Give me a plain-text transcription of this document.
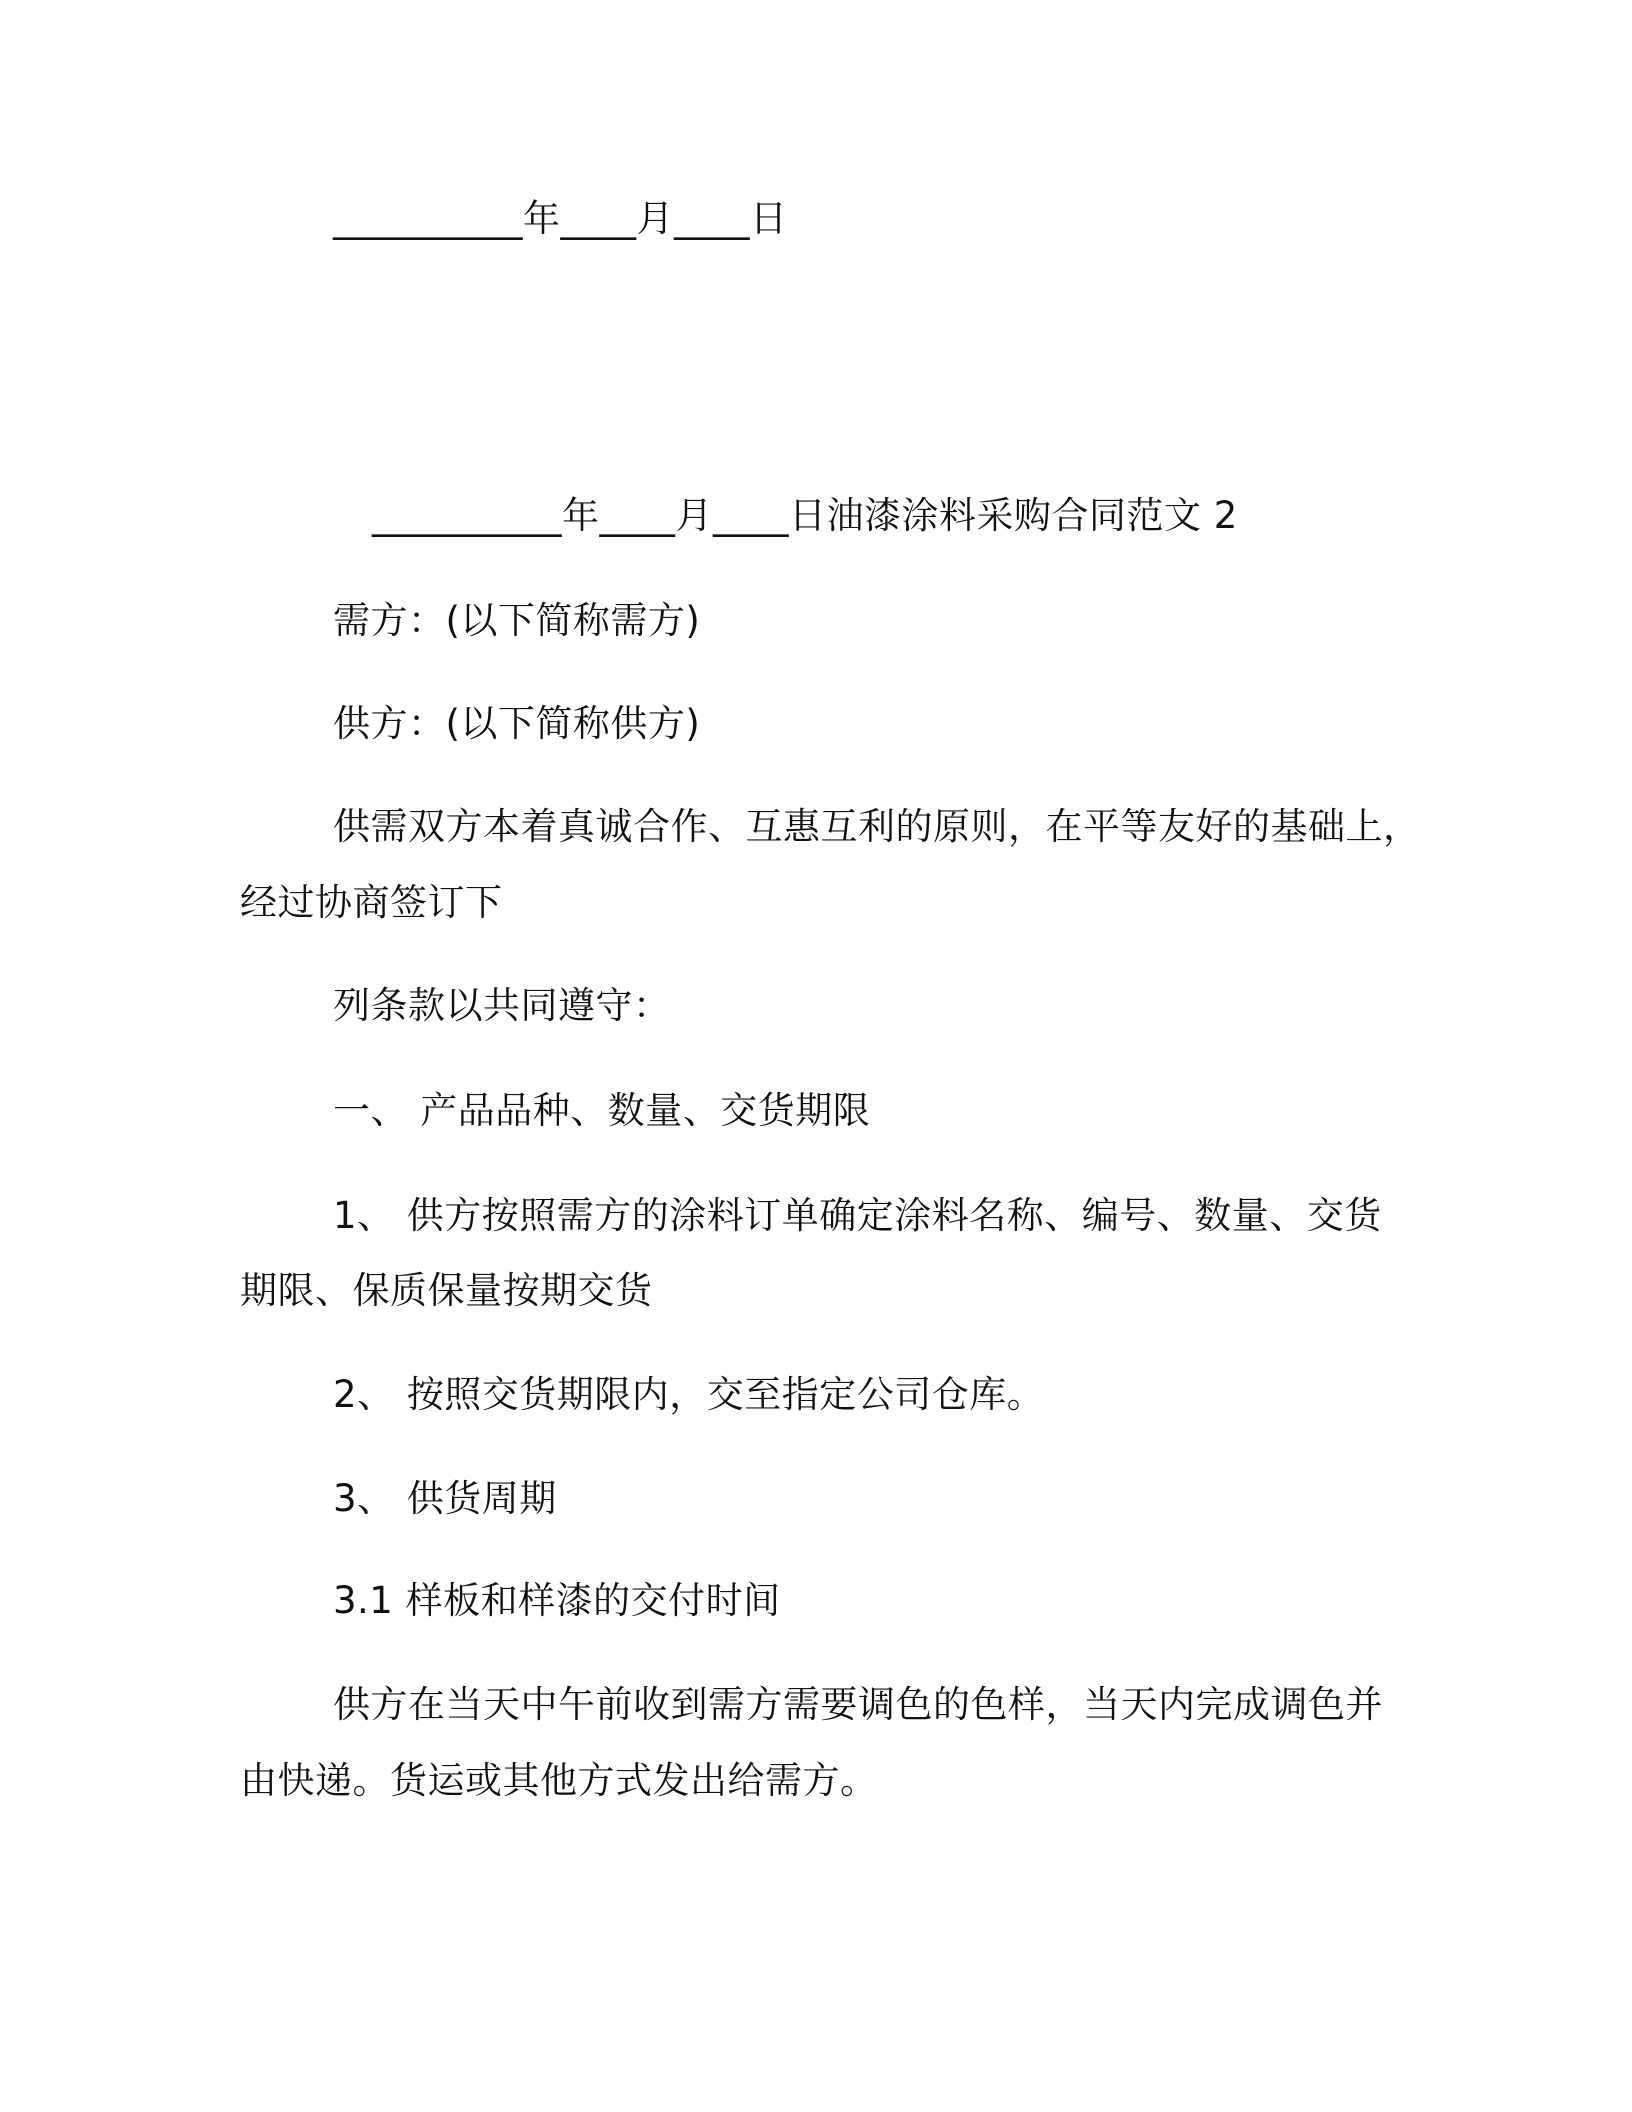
__________年____月____日
__________年____月____日油漆涂料采购合同范文 2
需方：(以下简称需方)
供方：(以下简称供方)
供需双方本着真诚合作、互惠互利的原则，在平等友好的基础上，
经过协商签订下
列条款以共同遵守：
一、 产品品种、数量、交货期限
1、 供方按照需方的涂料订单确定涂料名称、编号、数量、交货
期限、保质保量按期交货
2、 按照交货期限内，交至指定公司仓库。
3、 供货周期
3.1 样板和样漆的交付时间
供方在当天中午前收到需方需要调色的色样，当天内完成调色并
由快递。货运或其他方式发出给需方。
